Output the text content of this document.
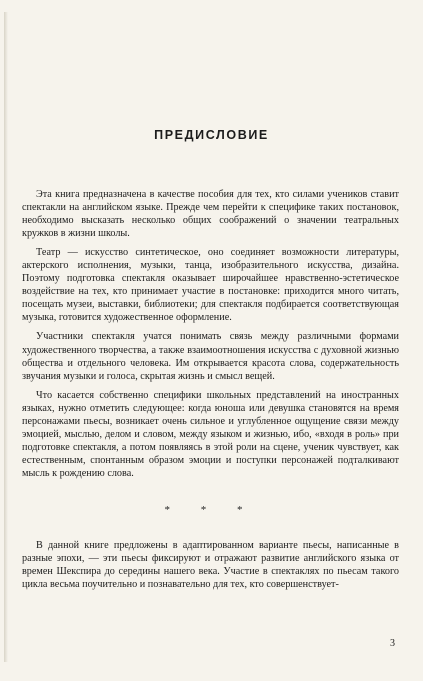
ПРЕДИСЛОВИЕ

Эта книга предназначена в качестве пособия для тех, кто силами учеников ставит спектакли на английском языке. Прежде чем перейти к специфике таких постановок, необходимо высказать несколько общих соображений о значении театральных кружков в жизни школы.

Театр — искусство синтетическое, оно соединяет возможности литературы, актерского исполнения, музыки, танца, изобразительного искусства, дизайна. Поэтому подготовка спектакля оказывает широчайшее нравственно-эстетическое воздействие на тех, кто принимает участие в постановке: приходится много читать, посещать музеи, выставки, библиотеки; для спектакля подбирается соответствующая музыка, готовится художественное оформление.

Участники спектакля учатся понимать связь между различными формами художественного творчества, а также взаимоотношения искусства с духовной жизнью общества и отдельного человека. Им открывается красота слова, содержательность звучания музыки и голоса, скрытая жизнь и смысл вещей.

Что касается собственно специфики школьных представлений на иностранных языках, нужно отметить следующее: когда юноша или девушка становятся на время персонажами пьесы, возникает очень сильное и углубленное ощущение связи между эмоцией, мыслью, делом и словом, между языком и жизнью, ибо, «входя в роль» при подготовке спектакля, а потом появляясь в этой роли на сцене, ученик чувствует, как естественным, спонтанным образом эмоции и поступки персонажей подталкивают мысль к рождению слова.

* * *

В данной книге предложены в адаптированном варианте пьесы, написанные в разные эпохи, — эти пьесы фиксируют и отражают развитие английского языка от времен Шекспира до середины нашего века. Участие в спектаклях по пьесам такого цикла весьма поучительно и познавательно для тех, кто совершенствует-

3
